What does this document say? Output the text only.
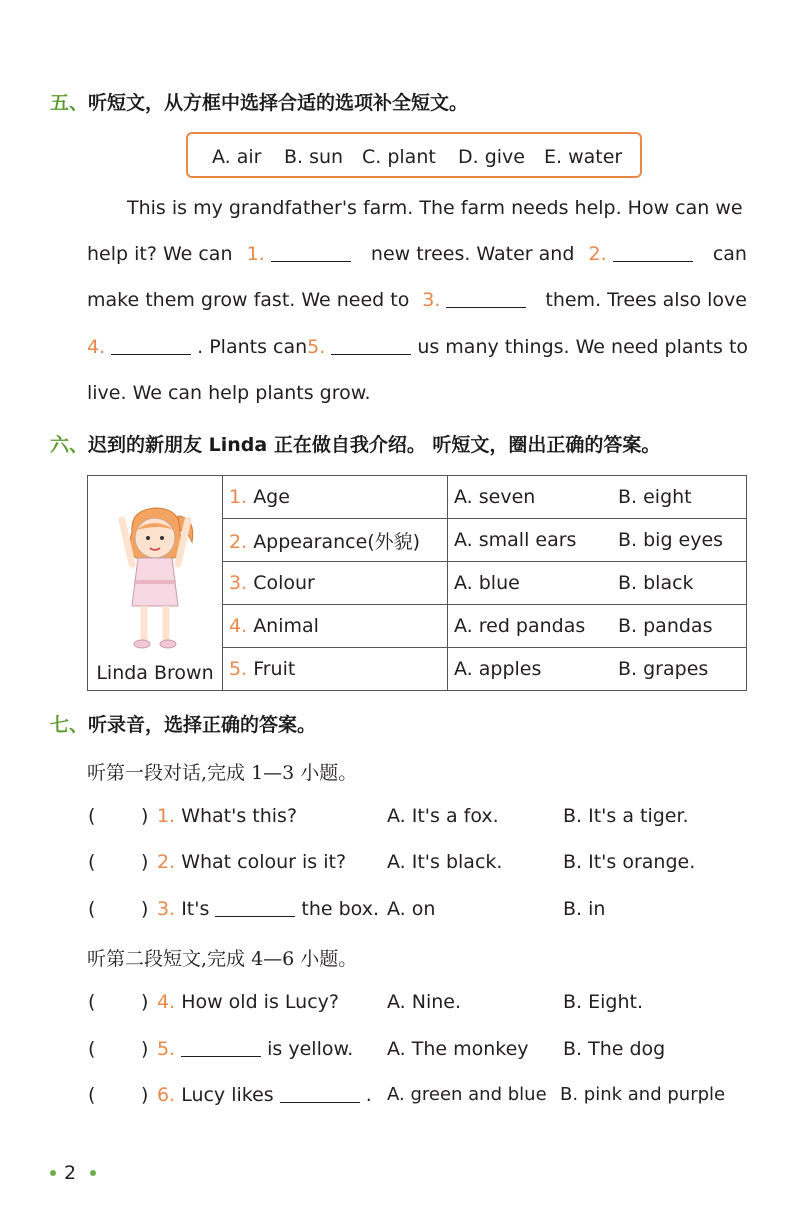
五、听短文，从方框中选择合适的选项补全短文。
A. air B. sun C. plant D. give E. water
This is my grandfather's farm. The farm needs help. How can we
help it? We can 1.	new trees. Water and 2.	can
make them grow fast. We need to 3.	them. Trees also love
4.	. Plants can 5.	us many things. We need plants to
live. We can help plants grow.
六、迟到的新朋友 Linda 正在做自我介绍。 听短文，圈出正确的答案。
Linda Brown	1. Age	A. seven	B. eight
	2. Appearance(外貌)	A. small ears	B. big eyes
	3. Colour	A. blue	B. black
	4. Animal	A. red pandas	B. pandas
	5. Fruit	A. apples	B. grapes
七、听录音，选择正确的答案。
听第一段对话,完成 1—3 小题。
( ) 1. What's this?	A. It's a fox.	B. It's a tiger.
( ) 2. What colour is it? A. It's black.	B. It's orange.
( ) 3. It's	the box. A. on	B. in
听第二段短文,完成 4—6 小题。
( ) 4. How old is Lucy?	A. Nine.	B. Eight.
( ) 5.	is yellow. A. The monkey B. The dog
( ) 6. Lucy likes	. A. green and blue B. pink and purple
2
